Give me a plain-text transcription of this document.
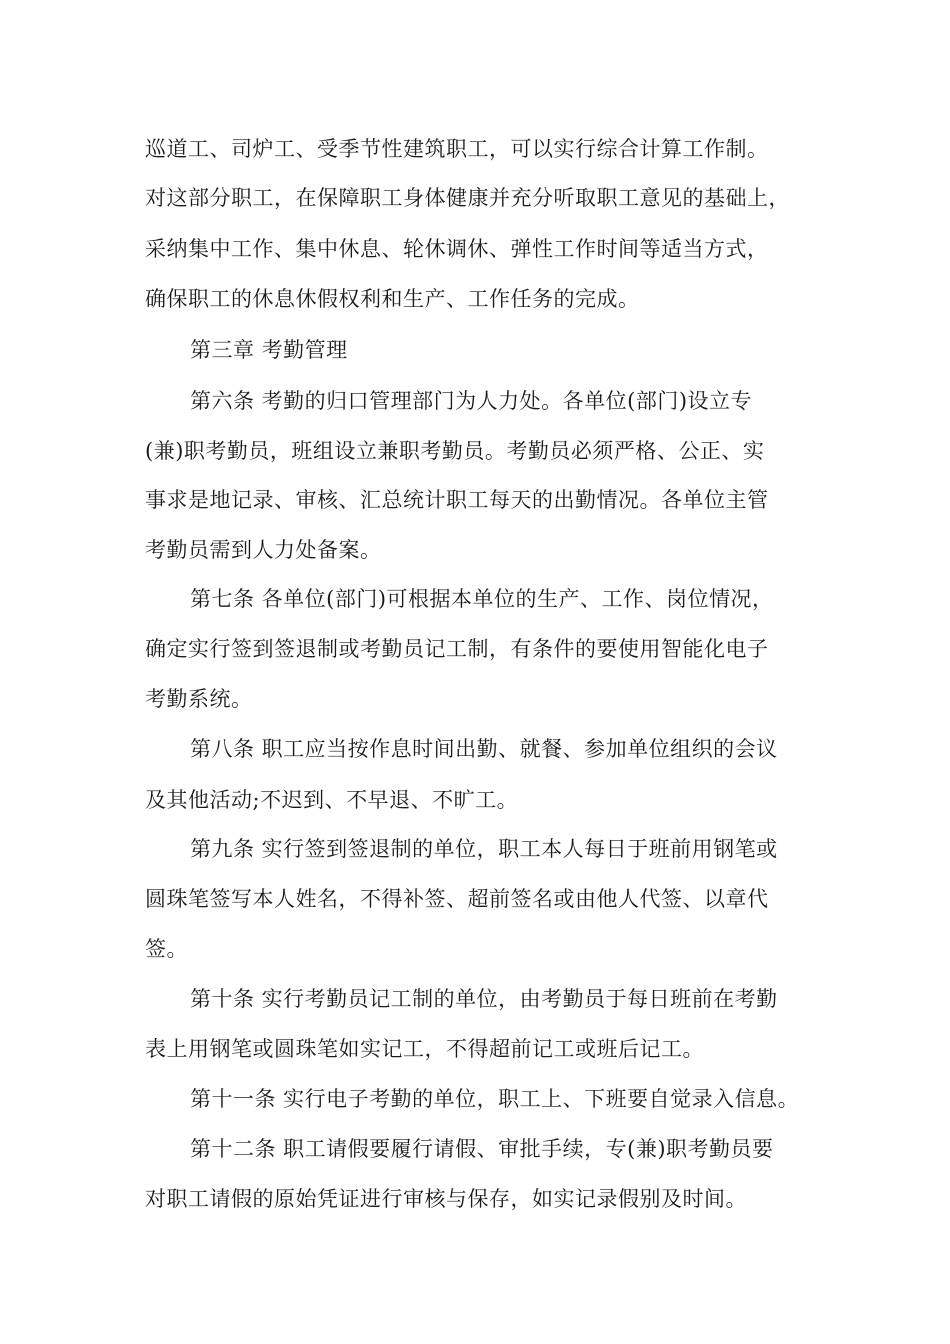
巡道工、司炉工、受季节性建筑职工，可以实行综合计算工作制。
对这部分职工，在保障职工身体健康并充分听取职工意见的基础上，
采纳集中工作、集中休息、轮休调休、弹性工作时间等适当方式，
确保职工的休息休假权利和生产、工作任务的完成。
第三章 考勤管理
第六条 考勤的归口管理部门为人力处。各单位(部门)设立专
(兼)职考勤员，班组设立兼职考勤员。考勤员必须严格、公正、实
事求是地记录、审核、汇总统计职工每天的出勤情况。各单位主管
考勤员需到人力处备案。
第七条 各单位(部门)可根据本单位的生产、工作、岗位情况，
确定实行签到签退制或考勤员记工制，有条件的要使用智能化电子
考勤系统。
第八条 职工应当按作息时间出勤、就餐、参加单位组织的会议
及其他活动;不迟到、不早退、不旷工。
第九条 实行签到签退制的单位，职工本人每日于班前用钢笔或
圆珠笔签写本人姓名，不得补签、超前签名或由他人代签、以章代
签。
第十条 实行考勤员记工制的单位，由考勤员于每日班前在考勤
表上用钢笔或圆珠笔如实记工，不得超前记工或班后记工。
第十一条 实行电子考勤的单位，职工上、下班要自觉录入信息。
第十二条 职工请假要履行请假、审批手续，专(兼)职考勤员要
对职工请假的原始凭证进行审核与保存，如实记录假别及时间。
